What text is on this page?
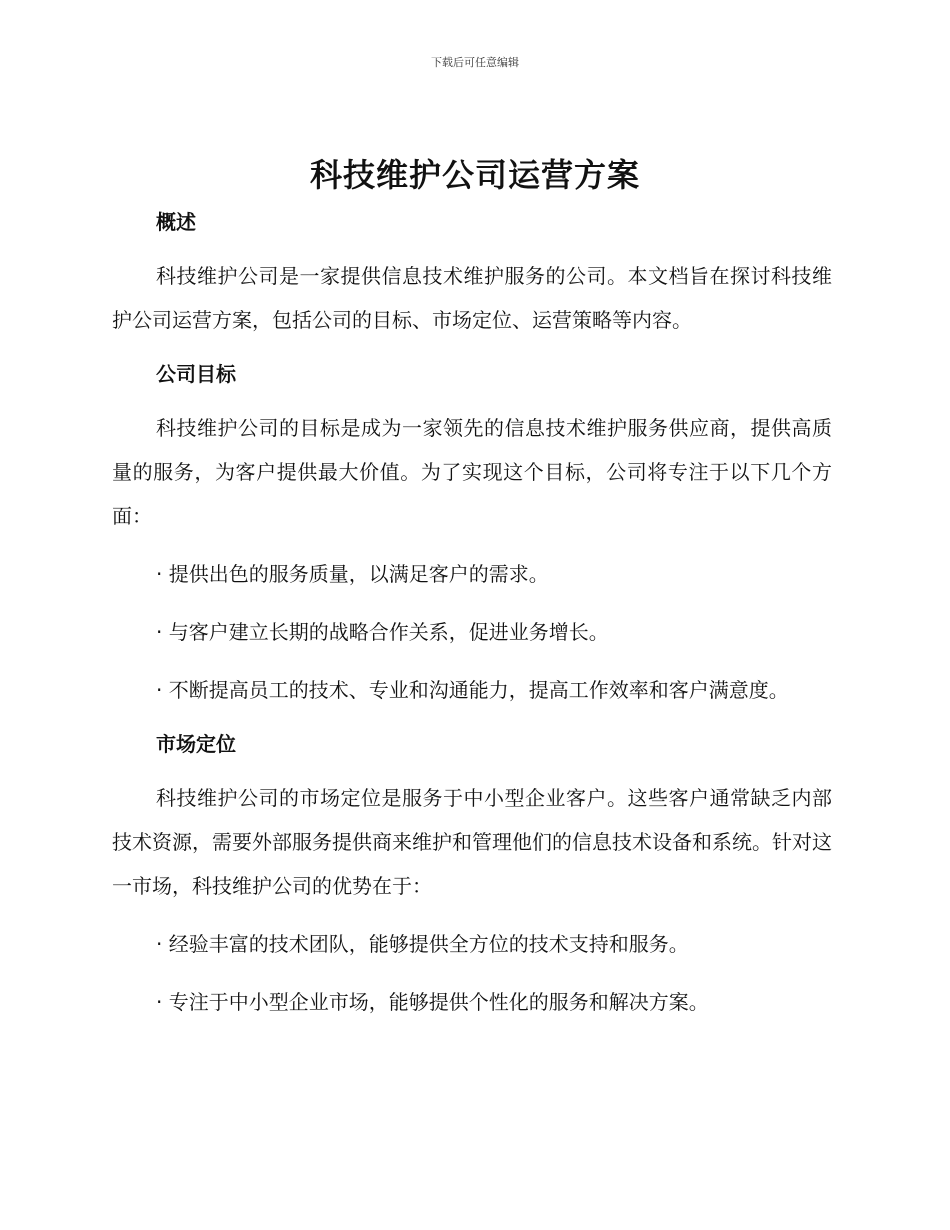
下载后可任意编辑
科技维护公司运营方案
概述

科技维护公司是一家提供信息技术维护服务的公司。本文档旨在探讨科技维护公司运营方案，包括公司的目标、市场定位、运营策略等内容。

公司目标

科技维护公司的目标是成为一家领先的信息技术维护服务供应商，提供高质量的服务，为客户提供最大价值。为了实现这个目标，公司将专注于以下几个方面：

· 提供出色的服务质量，以满足客户的需求。

· 与客户建立长期的战略合作关系，促进业务增长。

· 不断提高员工的技术、专业和沟通能力，提高工作效率和客户满意度。

市场定位

科技维护公司的市场定位是服务于中小型企业客户。这些客户通常缺乏内部技术资源，需要外部服务提供商来维护和管理他们的信息技术设备和系统。针对这一市场，科技维护公司的优势在于：

· 经验丰富的技术团队，能够提供全方位的技术支持和服务。

· 专注于中小型企业市场，能够提供个性化的服务和解决方案。
